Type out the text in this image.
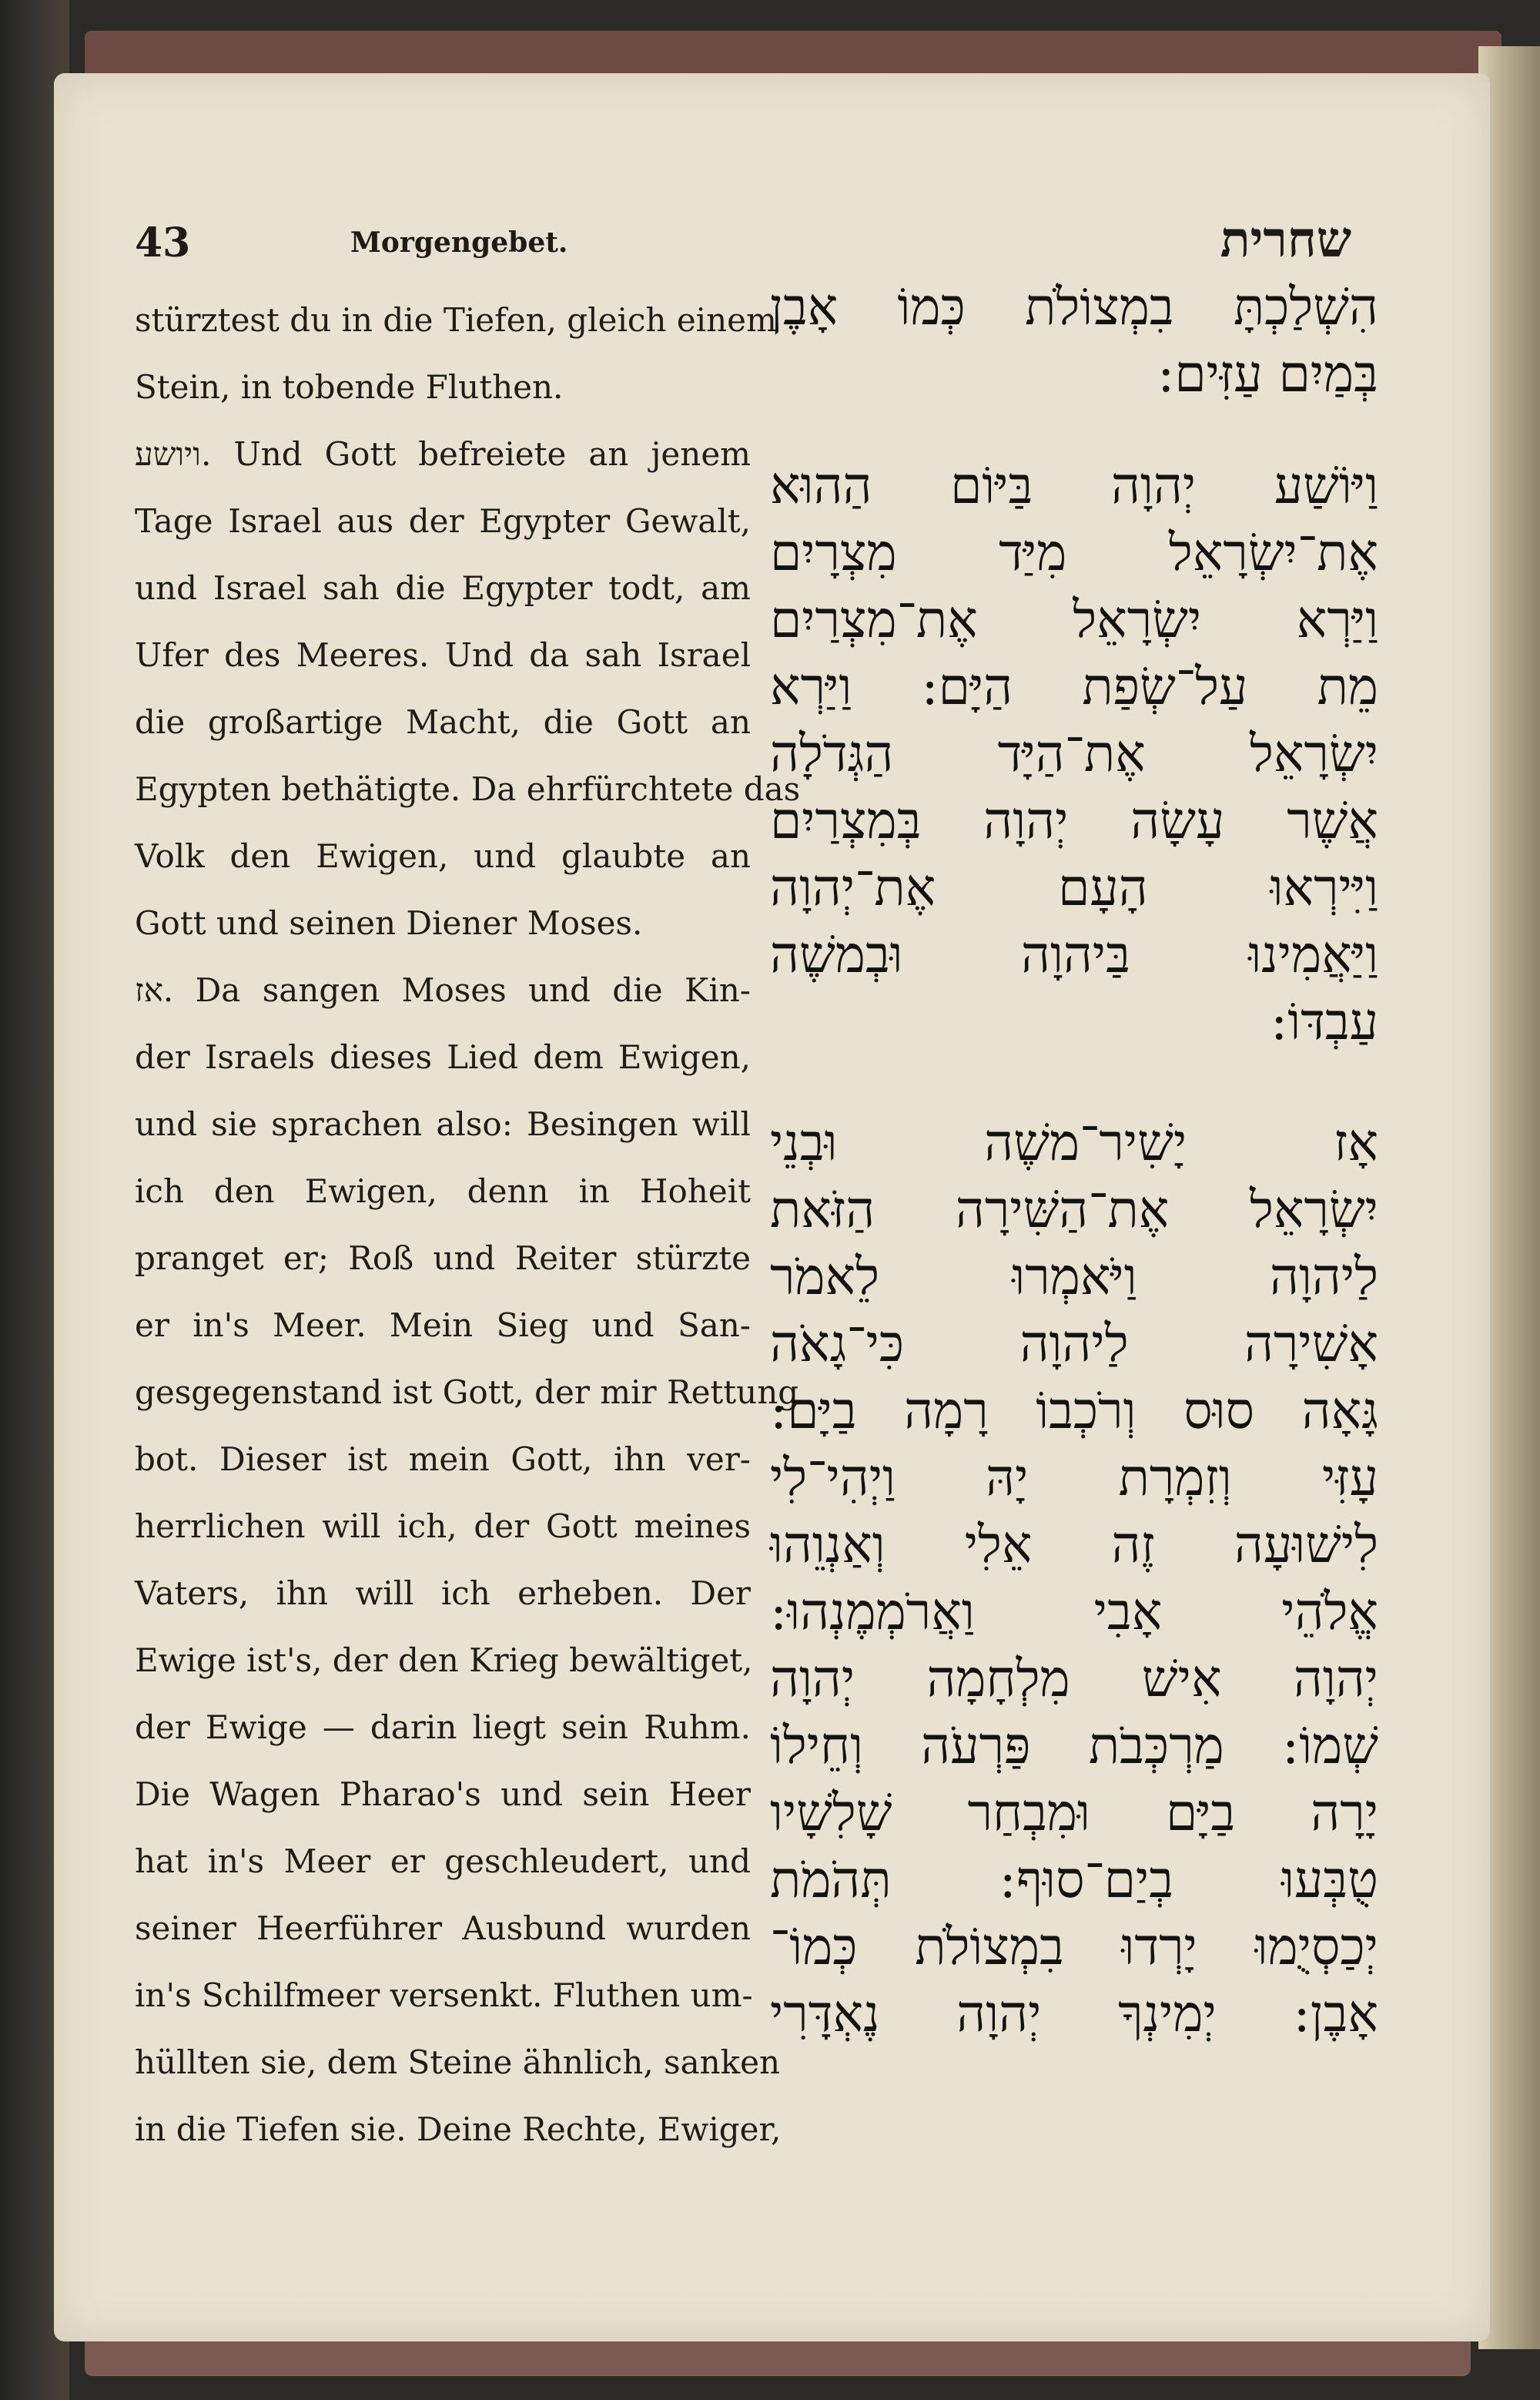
43	Morgengebet.	שחרית
stürztest du in die Tiefen, gleich einem
Stein, in tobende Fluthen.
ויושע. Und Gott befreiete an jenem
Tage Israel aus der Egypter Gewalt,
und Israel sah die Egypter todt, am
Ufer des Meeres. Und da sah Israel
die großartige Macht, die Gott an
Egypten bethätigte. Da ehrfürchtete das
Volk den Ewigen, und glaubte an
Gott und seinen Diener Moses.
אז. Da sangen Moses und die Kin-
der Israels dieses Lied dem Ewigen,
und sie sprachen also: Besingen will
ich den Ewigen, denn in Hoheit
pranget er; Roß und Reiter stürzte
er in's Meer. Mein Sieg und San-
gesgegenstand ist Gott, der mir Rettung
bot. Dieser ist mein Gott, ihn ver-
herrlichen will ich, der Gott meines
Vaters, ihn will ich erheben. Der
Ewige ist's, der den Krieg bewältiget,
der Ewige — darin liegt sein Ruhm.
Die Wagen Pharao's und sein Heer
hat in's Meer er geschleudert, und
seiner Heerführer Ausbund wurden
in's Schilfmeer versenkt. Fluthen um-
hüllten sie, dem Steine ähnlich, sanken
in die Tiefen sie. Deine Rechte, Ewiger,
הִשְׁלַכְתָּ בִמְצוֹלֹת כְּמוֹ אָבֶן
בְּמַיִם עַזִּים:
וַיּוֹשַׁע יְהוָה בַּיּוֹם הַהוּא
אֶת־יִשְׂרָאֵל מִיַּד מִצְרָיִם
וַיַּרְא יִשְׂרָאֵל אֶת־מִצְרַיִם
מֵת עַל־שְׂפַת הַיָּם: וַיַּרְא
יִשְׂרָאֵל אֶת־הַיָּד הַגְּדֹלָה
אֲשֶׁר עָשָׂה יְהוָה בְּמִצְרַיִם
וַיִּירְאוּ הָעָם אֶת־יְהוָה
וַיַּאֲמִינוּ בַּיהוָה וּבְמשֶׁה
עַבְדּוֹ:
אָז יָשִׁיר־משֶׁה וּבְנֵי
יִשְׂרָאֵל אֶת־הַשִּׁירָה הַזֹּאת
לַיהוָה וַיֹּאמְרוּ לֵאמֹר
אָשִׁירָה לַיהוָה כִּי־גָאֹה
גָּאָה סוּס וְרֹכְבוֹ רָמָה בַיָּם:
עָזִּי וְזִמְרָת יָהּ וַיְהִי־לִי
לִישׁוּעָה זֶה אֵלִי וְאַנְוֵהוּ
אֱלֹהֵי אָבִי וַאֲרֹמְמֶנְהוּ:
יְהוָה אִישׁ מִלְחָמָה יְהוָה
שְׁמוֹ: מַרְכְּבֹת פַּרְעֹה וְחֵילוֹ
יָרָה בַיָּם וּמִבְחַר שָׁלִשָׁיו
טֻבְּעוּ בְיַם־סוּף: תְּהֹמֹת
יְכַסְיֻמוּ יָרְדוּ בִמְצוֹלֹת כְּמוֹ־
אָבֶן: יְמִינְךָ יְהוָה נֶאְדָּרִי
